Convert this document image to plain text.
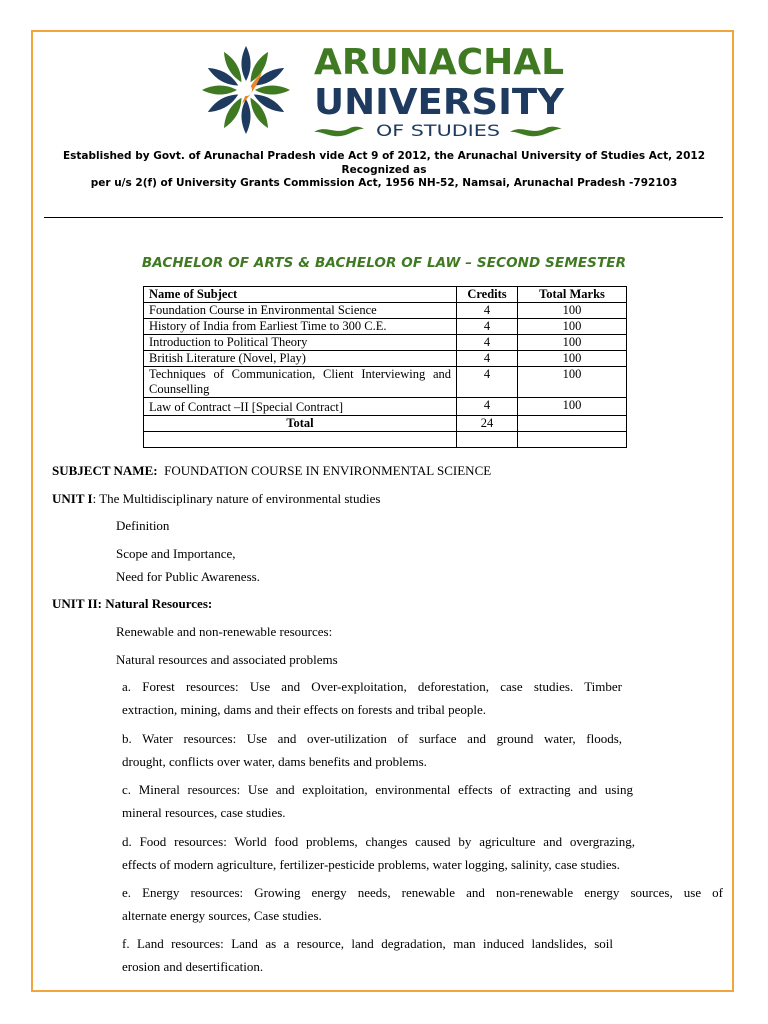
ARUNACHAL
UNIVERSITY
OF STUDIES

Established by Govt. of Arunachal Pradesh vide Act 9 of 2012, the Arunachal University of Studies Act, 2012 Recognized as

per u/s 2(f) of University Grants Commission Act, 1956 NH-52, Namsai, Arunachal Pradesh -792103

BACHELOR OF ARTS & BACHELOR OF LAW – SECOND SEMESTER

Name of Subject	Credits	Total Marks
Foundation Course in Environmental Science	4	100
History of India from Earliest Time to 300 C.E.	4	100
Introduction to Political Theory	4	100
British Literature (Novel, Play)	4	100
Techniques of Communication, Client Interviewing and Counselling	4	100
Law of Contract –II [Special Contract]	4	100
Total	24	

SUBJECT NAME: FOUNDATION COURSE IN ENVIRONMENTAL SCIENCE

UNIT I: The Multidisciplinary nature of environmental studies

Definition

Scope and Importance,

Need for Public Awareness.

UNIT II: Natural Resources:

Renewable and non-renewable resources:

Natural resources and associated problems

a. Forest resources: Use and Over-exploitation, deforestation, case studies. Timber
extraction, mining, dams and their effects on forests and tribal people.
b. Water resources: Use and over-utilization of surface and ground water, floods,
drought, conflicts over water, dams benefits and problems.
c. Mineral resources: Use and exploitation, environmental effects of extracting and using
mineral resources, case studies.
d. Food resources: World food problems, changes caused by agriculture and overgrazing,
effects of modern agriculture, fertilizer-pesticide problems, water logging, salinity, case studies.
e. Energy resources: Growing energy needs, renewable and non-renewable energy sources, use of
alternate energy sources, Case studies.
f. Land resources: Land as a resource, land degradation, man induced landslides, soil
erosion and desertification.
